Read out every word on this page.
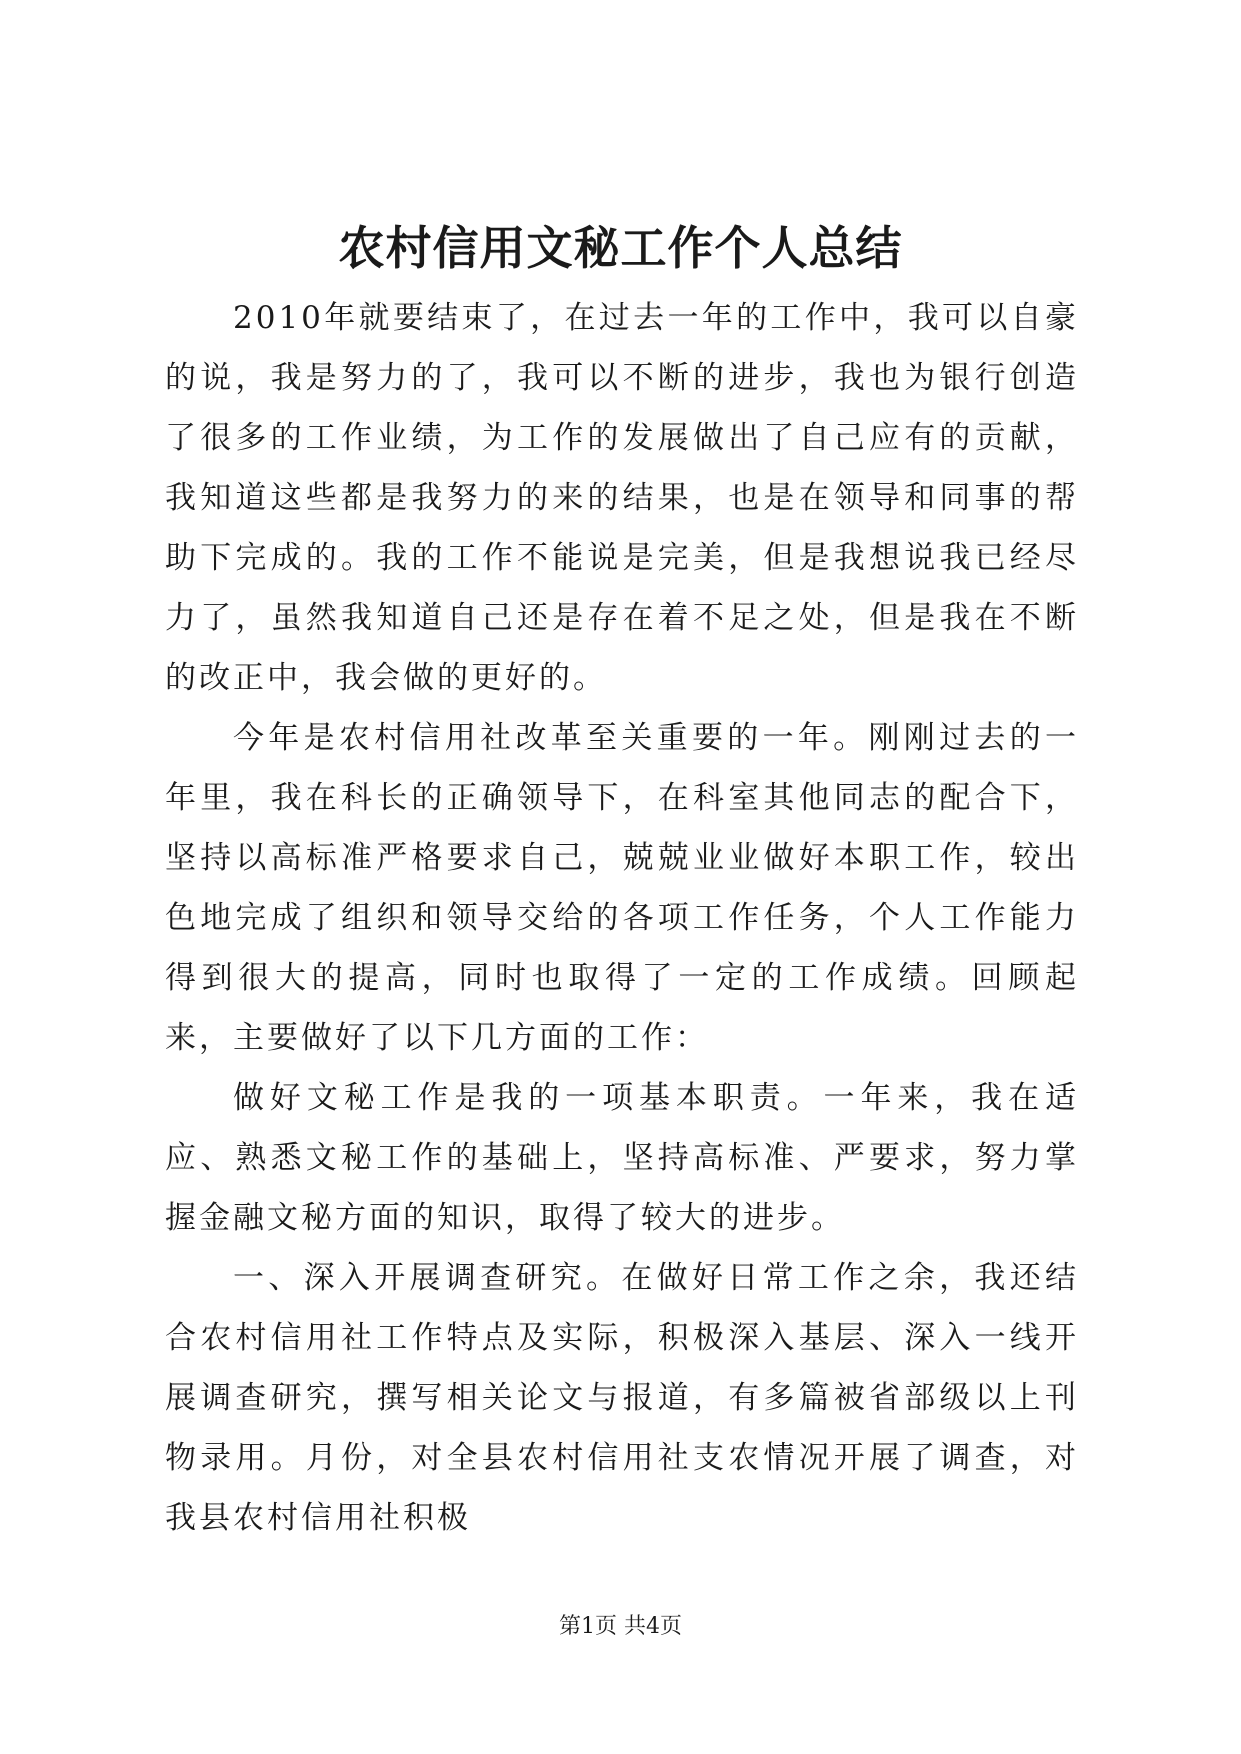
农村信用文秘工作个人总结

2010年就要结束了，在过去一年的工作中，我可以自豪的说，我是努力的了，我可以不断的进步，我也为银行创造了很多的工作业绩，为工作的发展做出了自己应有的贡献，我知道这些都是我努力的来的结果，也是在领导和同事的帮助下完成的。我的工作不能说是完美，但是我想说我已经尽力了，虽然我知道自己还是存在着不足之处，但是我在不断的改正中，我会做的更好的。

今年是农村信用社改革至关重要的一年。刚刚过去的一年里，我在科长的正确领导下，在科室其他同志的配合下，坚持以高标准严格要求自己，兢兢业业做好本职工作，较出色地完成了组织和领导交给的各项工作任务，个人工作能力得到很大的提高，同时也取得了一定的工作成绩。回顾起来，主要做好了以下几方面的工作：

做好文秘工作是我的一项基本职责。一年来，我在适应、熟悉文秘工作的基础上，坚持高标准、严要求，努力掌握金融文秘方面的知识，取得了较大的进步。

一、深入开展调查研究。在做好日常工作之余，我还结合农村信用社工作特点及实际，积极深入基层、深入一线开展调查研究，撰写相关论文与报道，有多篇被省部级以上刊物录用。月份，对全县农村信用社支农情况开展了调查，对我县农村信用社积极

第1页 共4页
